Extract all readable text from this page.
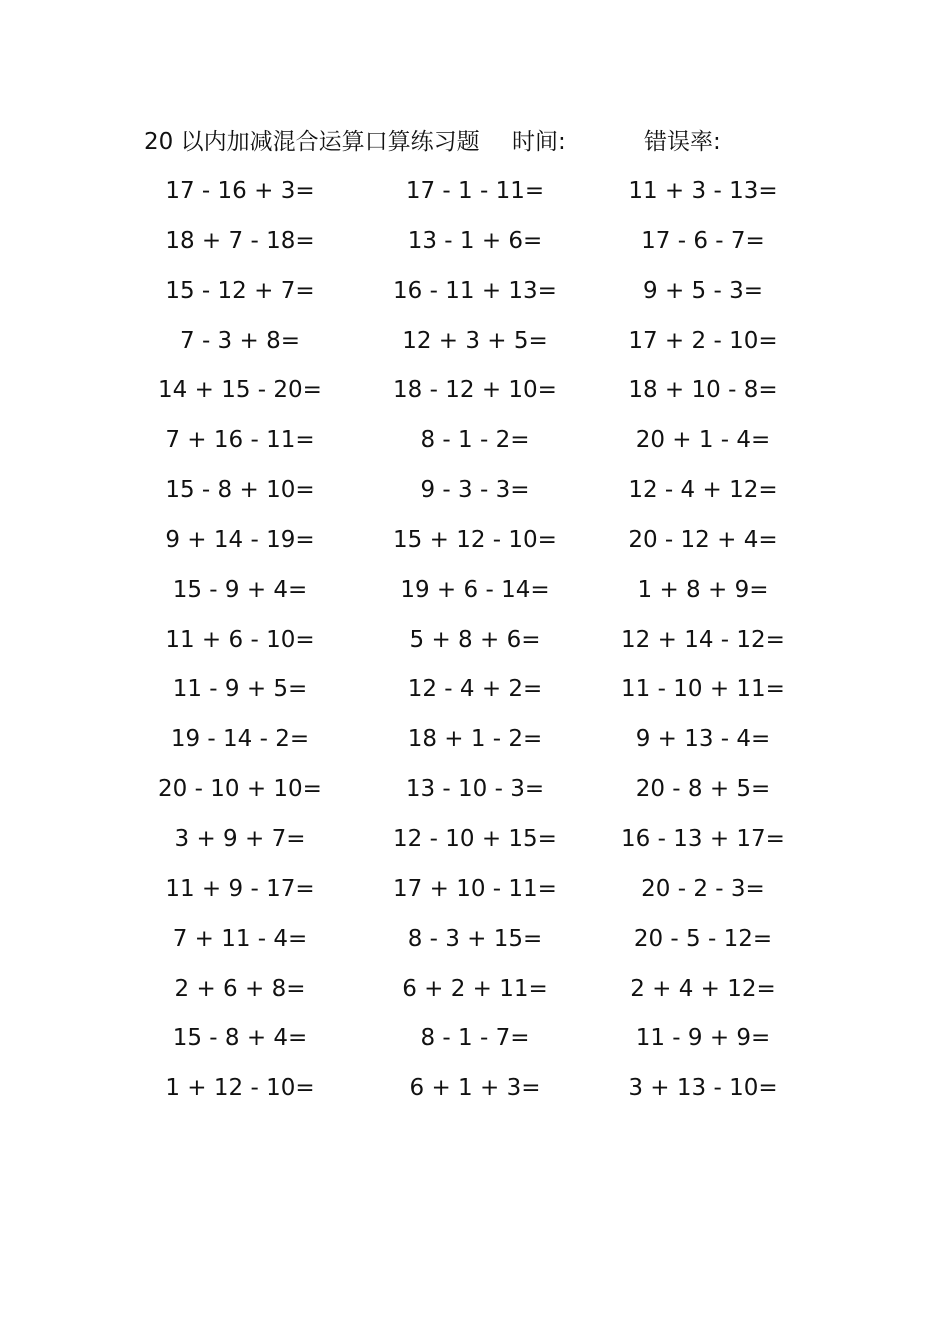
20 以内加减混合运算口算练习题 时间:	错误率:
17 - 16 + 3=	17 - 1 - 11=	11 + 3 - 13=
18 + 7 - 18=	13 - 1 + 6=	17 - 6 - 7=
15 - 12 + 7=	16 - 11 + 13=	9 + 5 - 3=
7 - 3 + 8=	12 + 3 + 5=	17 + 2 - 10=
14 + 15 - 20=	18 - 12 + 10=	18 + 10 - 8=
7 + 16 - 11=	8 - 1 - 2=	20 + 1 - 4=
15 - 8 + 10=	9 - 3 - 3=	12 - 4 + 12=
9 + 14 - 19=	15 + 12 - 10=	20 - 12 + 4=
15 - 9 + 4=	19 + 6 - 14=	1 + 8 + 9=
11 + 6 - 10=	5 + 8 + 6=	12 + 14 - 12=
11 - 9 + 5=	12 - 4 + 2=	11 - 10 + 11=
19 - 14 - 2=	18 + 1 - 2=	9 + 13 - 4=
20 - 10 + 10=	13 - 10 - 3=	20 - 8 + 5=
3 + 9 + 7=	12 - 10 + 15=	16 - 13 + 17=
11 + 9 - 17=	17 + 10 - 11=	20 - 2 - 3=
7 + 11 - 4=	8 - 3 + 15=	20 - 5 - 12=
2 + 6 + 8=	6 + 2 + 11=	2 + 4 + 12=
15 - 8 + 4=	8 - 1 - 7=	11 - 9 + 9=
1 + 12 - 10=	6 + 1 + 3=	3 + 13 - 10=
